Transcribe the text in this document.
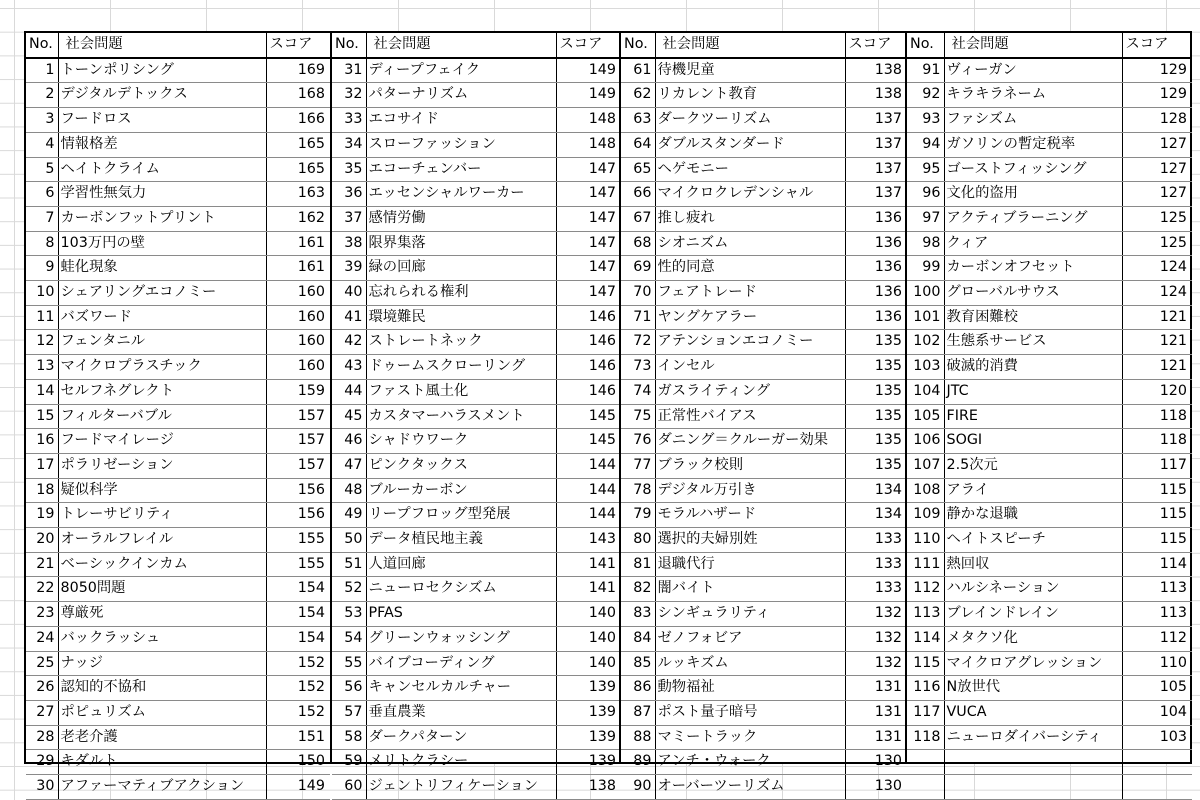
No.	社会問題	スコア
1	トーンポリシング	169
2	デジタルデトックス	168
3	フードロス	166
4	情報格差	165
5	ヘイトクライム	165
6	学習性無気力	163
7	カーボンフットプリント	162
8	103万円の壁	161
9	蛙化現象	161
10	シェアリングエコノミー	160
11	バズワード	160
12	フェンタニル	160
13	マイクロプラスチック	160
14	セルフネグレクト	159
15	フィルターバブル	157
16	フードマイレージ	157
17	ポラリゼーション	157
18	疑似科学	156
19	トレーサビリティ	156
20	オーラルフレイル	155
21	ベーシックインカム	155
22	8050問題	154
23	尊厳死	154
24	バックラッシュ	154
25	ナッジ	152
26	認知的不協和	152
27	ポピュリズム	152
28	老老介護	151
29	キダルト	150
30	アファーマティブアクション	149
No.	社会問題	スコア
31	ディープフェイク	149
32	パターナリズム	149
33	エコサイド	148
34	スローファッション	148
35	エコーチェンバー	147
36	エッセンシャルワーカー	147
37	感情労働	147
38	限界集落	147
39	緑の回廊	147
40	忘れられる権利	147
41	環境難民	146
42	ストレートネック	146
43	ドゥームスクローリング	146
44	ファスト風土化	146
45	カスタマーハラスメント	145
46	シャドウワーク	145
47	ピンクタックス	144
48	ブルーカーボン	144
49	リープフロッグ型発展	144
50	データ植民地主義	143
51	人道回廊	141
52	ニューロセクシズム	141
53	PFAS	140
54	グリーンウォッシング	140
55	バイブコーディング	140
56	キャンセルカルチャー	139
57	垂直農業	139
58	ダークパターン	139
59	メリトクラシー	139
60	ジェントリフィケーション	138
No.	社会問題	スコア
61	待機児童	138
62	リカレント教育	138
63	ダークツーリズム	137
64	ダブルスタンダード	137
65	ヘゲモニー	137
66	マイクロクレデンシャル	137
67	推し疲れ	136
68	シオニズム	136
69	性的同意	136
70	フェアトレード	136
71	ヤングケアラー	136
72	アテンションエコノミー	135
73	インセル	135
74	ガスライティング	135
75	正常性バイアス	135
76	ダニング＝クルーガー効果	135
77	ブラック校則	135
78	デジタル万引き	134
79	モラルハザード	134
80	選択的夫婦別姓	133
81	退職代行	133
82	闇バイト	133
83	シンギュラリティ	132
84	ゼノフォビア	132
85	ルッキズム	132
86	動物福祉	131
87	ポスト量子暗号	131
88	マミートラック	131
89	アンチ・ウォーク	130
90	オーバーツーリズム	130
No.	社会問題	スコア
91	ヴィーガン	129
92	キラキラネーム	129
93	ファシズム	128
94	ガソリンの暫定税率	127
95	ゴーストフィッシング	127
96	文化的盗用	127
97	アクティブラーニング	125
98	クィア	125
99	カーボンオフセット	124
100	グローバルサウス	124
101	教育困難校	121
102	生態系サービス	121
103	破滅的消費	121
104	JTC	120
105	FIRE	118
106	SOGI	118
107	2.5次元	117
108	アライ	115
109	静かな退職	115
110	ヘイトスピーチ	115
111	熱回収	114
112	ハルシネーション	113
113	ブレインドレイン	113
114	メタクソ化	112
115	マイクロアグレッション	110
116	N放世代	105
117	VUCA	104
118	ニューロダイバーシティ	103
